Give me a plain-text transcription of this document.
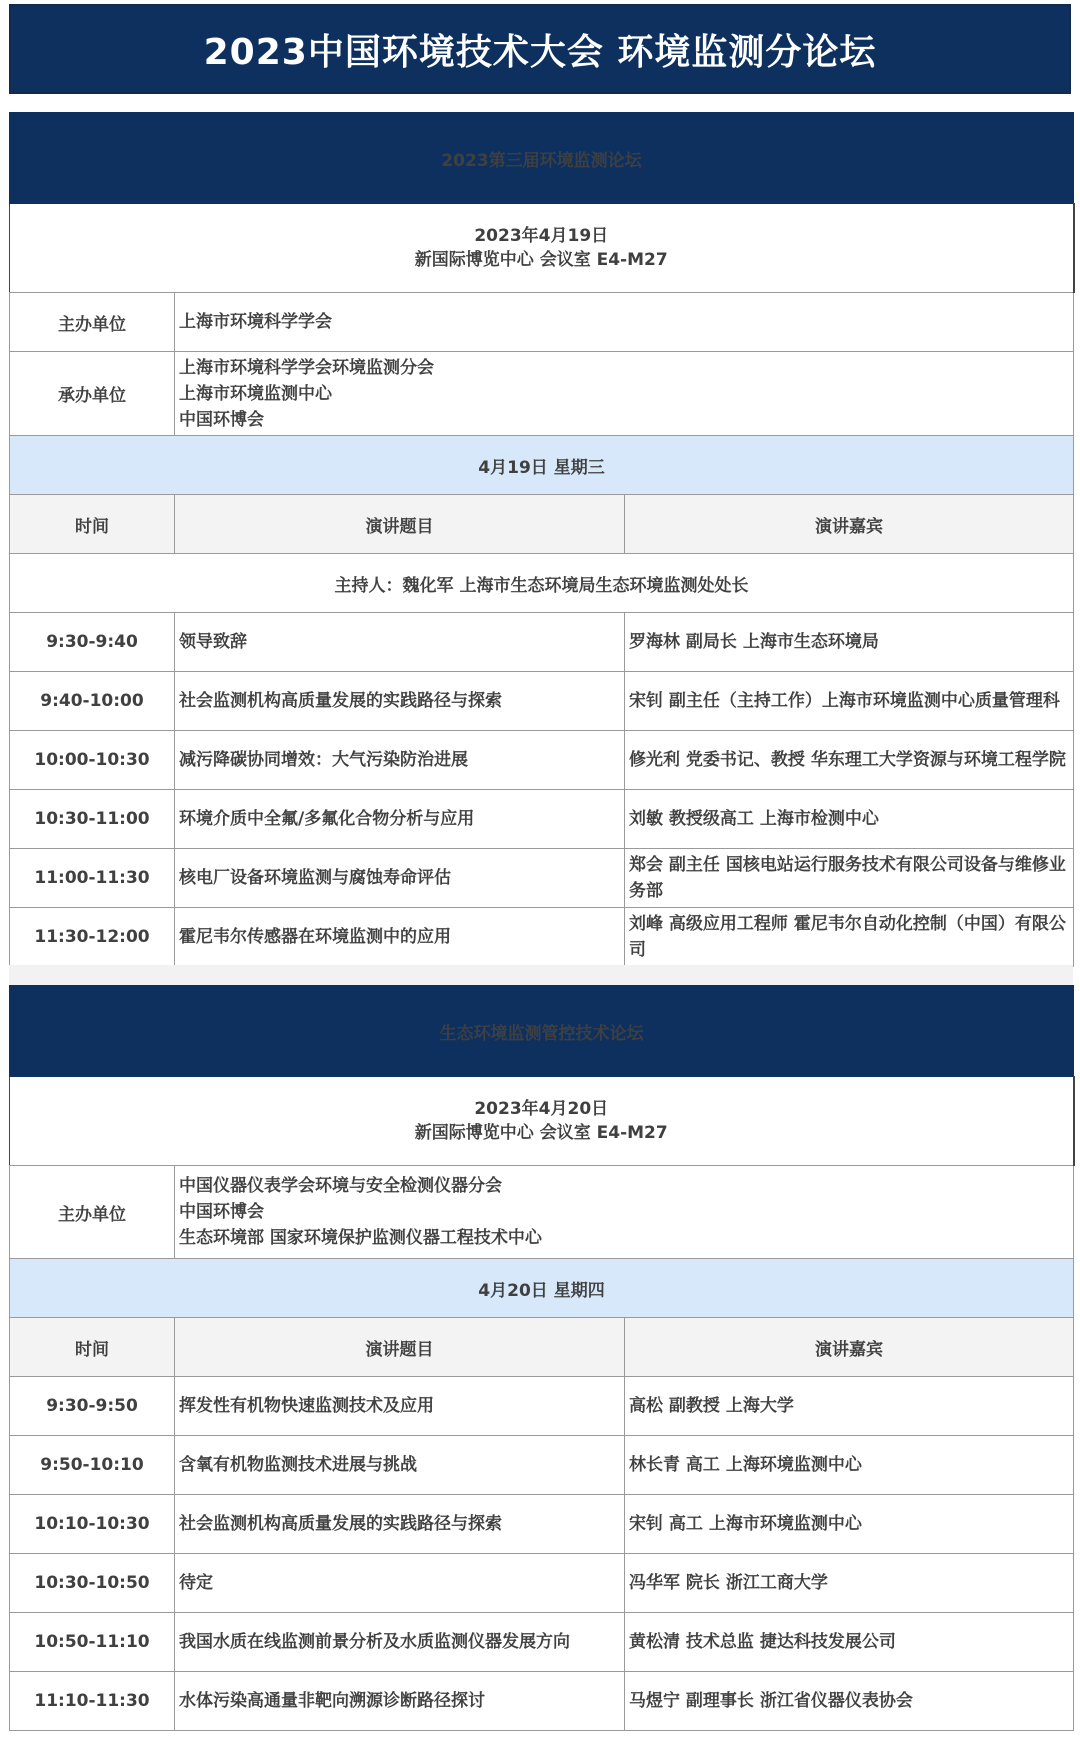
2023中国环境技术大会 环境监测分论坛
2023第三届环境监测论坛		

2023年4月19日
新国际博览中心 会议室 E4-M27		

主办单位	上海市环境科学学会	
承办单位	上海市环境科学学会环境监测分会
上海市环境监测中心
中国环博会	

4月19日 星期三		
时间	演讲题目	演讲嘉宾
主持人：魏化军 上海市生态环境局生态环境监测处处长		
9:30-9:40	领导致辞	罗海林 副局长 上海市生态环境局
9:40-10:00	社会监测机构高质量发展的实践路径与探索	宋钊 副主任（主持工作）上海市环境监测中心质量管理科
10:00-10:30	减污降碳协同增效：大气污染防治进展	修光利 党委书记、教授 华东理工大学资源与环境工程学院
10:30-11:00	环境介质中全氟/多氟化合物分析与应用	刘敏 教授级高工 上海市检测中心
11:00-11:30	核电厂设备环境监测与腐蚀寿命评估	郑会 副主任 国核电站运行服务技术有限公司设备与维修业务部
11:30-12:00	霍尼韦尔传感器在环境监测中的应用	刘峰 高级应用工程师 霍尼韦尔自动化控制（中国）有限公司
生态环境监测管控技术论坛		

2023年4月20日
新国际博览中心 会议室 E4-M27		

主办单位	中国仪器仪表学会环境与安全检测仪器分会
中国环博会
生态环境部 国家环境保护监测仪器工程技术中心	

4月20日 星期四		
时间	演讲题目	演讲嘉宾
9:30-9:50	挥发性有机物快速监测技术及应用	高松 副教授 上海大学
9:50-10:10	含氧有机物监测技术进展与挑战	林长青 高工 上海环境监测中心
10:10-10:30	社会监测机构高质量发展的实践路径与探索	宋钊 高工 上海市环境监测中心
10:30-10:50	待定	冯华军 院长 浙江工商大学
10:50-11:10	我国水质在线监测前景分析及水质监测仪器发展方向	黄松清 技术总监 捷达科技发展公司
11:10-11:30	水体污染高通量非靶向溯源诊断路径探讨	马煜宁 副理事长 浙江省仪器仪表协会
